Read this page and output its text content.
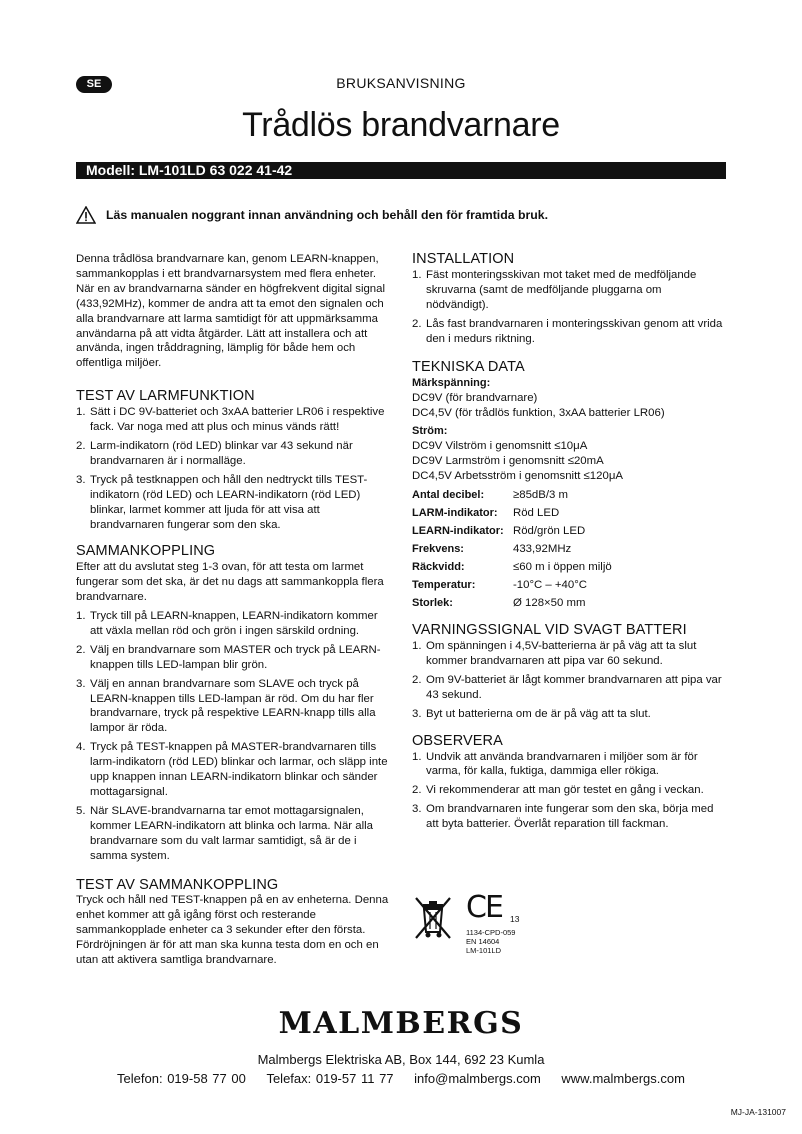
SE	BRUKSANVISNING
Trådlös brandvarnare
Modell: LM-101LD 63 022 41-42
Läs manualen noggrant innan användning och behåll den för framtida bruk.

Denna trådlösa brandvarnare kan, genom LEARN-knappen, sammankopplas i ett brandvarnarsystem med flera enheter. När en av brandvarnarna sänder en högfrekvent digital signal (433,92MHz), kommer de andra att ta emot den signalen och alla brandvarnare att larma samtidigt för att uppmärksamma användarna på att vidta åtgärder. Lätt att installera och att använda, ingen tråddragning, lämplig för både hem och offentliga miljöer.

TEST AV LARMFUNKTION
1. Sätt i DC 9V-batteriet och 3xAA batterier LR06 i respektive fack. Var noga med att plus och minus vänds rätt!
2. Larm-indikatorn (röd LED) blinkar var 43 sekund när brandvarnaren är i normalläge.
3. Tryck på testknappen och håll den nedtryckt tills TEST-indikatorn (röd LED) och LEARN-indikatorn (röd LED) blinkar, larmet kommer att ljuda för att visa att brandvarnaren fungerar som den ska.
SAMMANKOPPLING

Efter att du avslutat steg 1-3 ovan, för att testa om larmet fungerar som det ska, är det nu dags att sammankoppla flera brandvarnare.

1. Tryck till på LEARN-knappen, LEARN-indikatorn kommer att växla mellan röd och grön i ingen särskild ordning.
2. Välj en brandvarnare som MASTER och tryck på LEARN-knappen tills LED-lampan blir grön.
3. Välj en annan brandvarnare som SLAVE och tryck på LEARN-knappen tills LED-lampan är röd. Om du har fler brandvarnare, tryck på respektive LEARN-knapp tills alla lampor är röda.
4. Tryck på TEST-knappen på MASTER-brandvarnaren tills larm-indikatorn (röd LED) blinkar och larmar, och släpp inte upp knappen innan LEARN-indikatorn blinkar och sänder mottagarsignal.
5. När SLAVE-brandvarnarna tar emot mottagarsignalen, kommer LEARN-indikatorn att blinka och larma. När alla brandvarnare som du valt larmar samtidigt, så är de i samma system.
TEST AV SAMMANKOPPLING

Tryck och håll ned TEST-knappen på en av enheterna. Denna enhet kommer att gå igång först och resterande sammankopplade enheter ca 3 sekunder efter den första. Fördröjningen är för att man ska kunna testa dom en och en utan att aktivera samtliga brandvarnare.

INSTALLATION
1. Fäst monteringsskivan mot taket med de medföljande skruvarna (samt de medföljande pluggarna om nödvändigt).
2. Lås fast brandvarnaren i monteringsskivan genom att vrida den i medurs riktning.
TEKNISKA DATA
Märkspänning:
DC9V (för brandvarnare)
DC4,5V (för trådlös funktion, 3xAA batterier LR06)
Ström:
DC9V Vilström i genomsnitt ≤10μA
DC9V Larmström i genomsnitt ≤20mA
DC4,5V Arbetsström i genomsnitt ≤120μA
Antal decibel:	≥85dB/3 m
LARM-indikator:	Röd LED
LEARN-indikator: Röd/grön LED
Frekvens:	433,92MHz
Räckvidd:	≤60 m i öppen miljö
Temperatur:	-10°C – +40°C
Storlek:	Ø 128×50 mm
VARNINGSSIGNAL VID SVAGT BATTERI
1. Om spänningen i 4,5V-batterierna är på väg att ta slut kommer brandvarnaren att pipa var 60 sekund.
2. Om 9V-batteriet är lågt kommer brandvarnaren att pipa var 43 sekund.
3. Byt ut batterierna om de är på väg att ta slut.
OBSERVERA
1. Undvik att använda brandvarnaren i miljöer som är för varma, för kalla, fuktiga, dammiga eller rökiga.
2. Vi rekommenderar att man gör testet en gång i veckan.
3. Om brandvarnaren inte fungerar som den ska, börja med att byta batterier. Överlåt reparation till fackman.
CE 13
1134-CPD-059
EN 14604
LM-101LD
MALMBERGS
Malmbergs Elektriska AB, Box 144, 692 23 Kumla
Telefon: 019-58 77 00 Telefax: 019-57 11 77 info@malmbergs.com www.malmbergs.com
MJ-JA-131007
